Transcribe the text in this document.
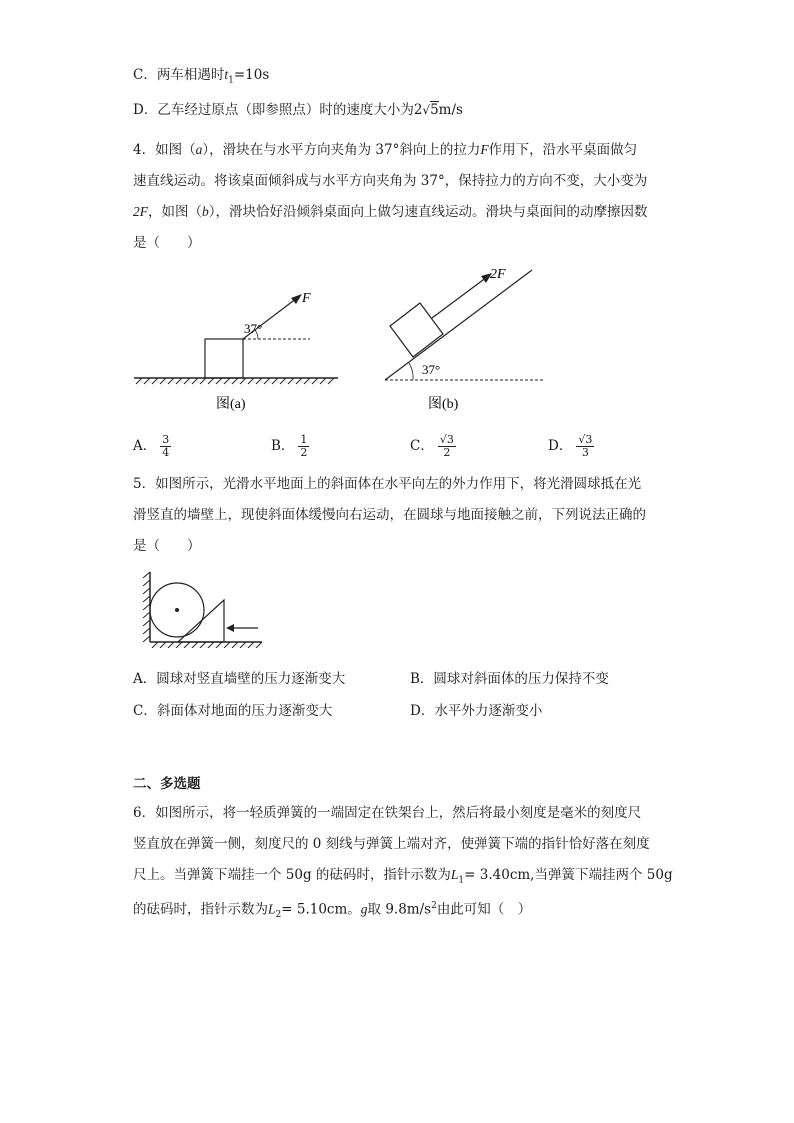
C．两车相遇时$t_1=10s$
D．乙车经过原点（即参照点）时的速度大小为2√5m/s
4．如图（a），滑块在与水平方向夹角为 37°斜向上的拉力F作用下，沿水平桌面做匀
速直线运动。将该桌面倾斜成与水平方向夹角为 37°，保持拉力的方向不变，大小变为
2F，如图（b），滑块恰好沿倾斜桌面向上做匀速直线运动。滑块与桌面间的动摩擦因数
是（　　）
F
37°
图(a)
2F
37°
图(b)
A． $\frac{3}{4}$	B． $\frac{1}{2}$	C． $\frac{√3}{2}$	D． $\frac{√3}{3}$
5．如图所示，光滑水平地面上的斜面体在水平向左的外力作用下，将光滑圆球抵在光
滑竖直的墙壁上，现使斜面体缓慢向右运动，在圆球与地面接触之前，下列说法正确的
是（　　）
A．圆球对竖直墙壁的压力逐渐变大	B．圆球对斜面体的压力保持不变
C．斜面体对地面的压力逐渐变大	D．水平外力逐渐变小
二、多选题
6．如图所示，将一轻质弹簧的一端固定在铁架台上，然后将最小刻度是毫米的刻度尺
竖直放在弹簧一侧，刻度尺的 0 刻线与弹簧上端对齐，使弹簧下端的指针恰好落在刻度
尺上。当弹簧下端挂一个 50g 的砝码时，指针示数为$L_1= 3.40cm$,当弹簧下端挂两个 50g
的砝码时，指针示数为$L_2= 5.10cm$。g取 $9.8m/s^2$由此可知（　）
